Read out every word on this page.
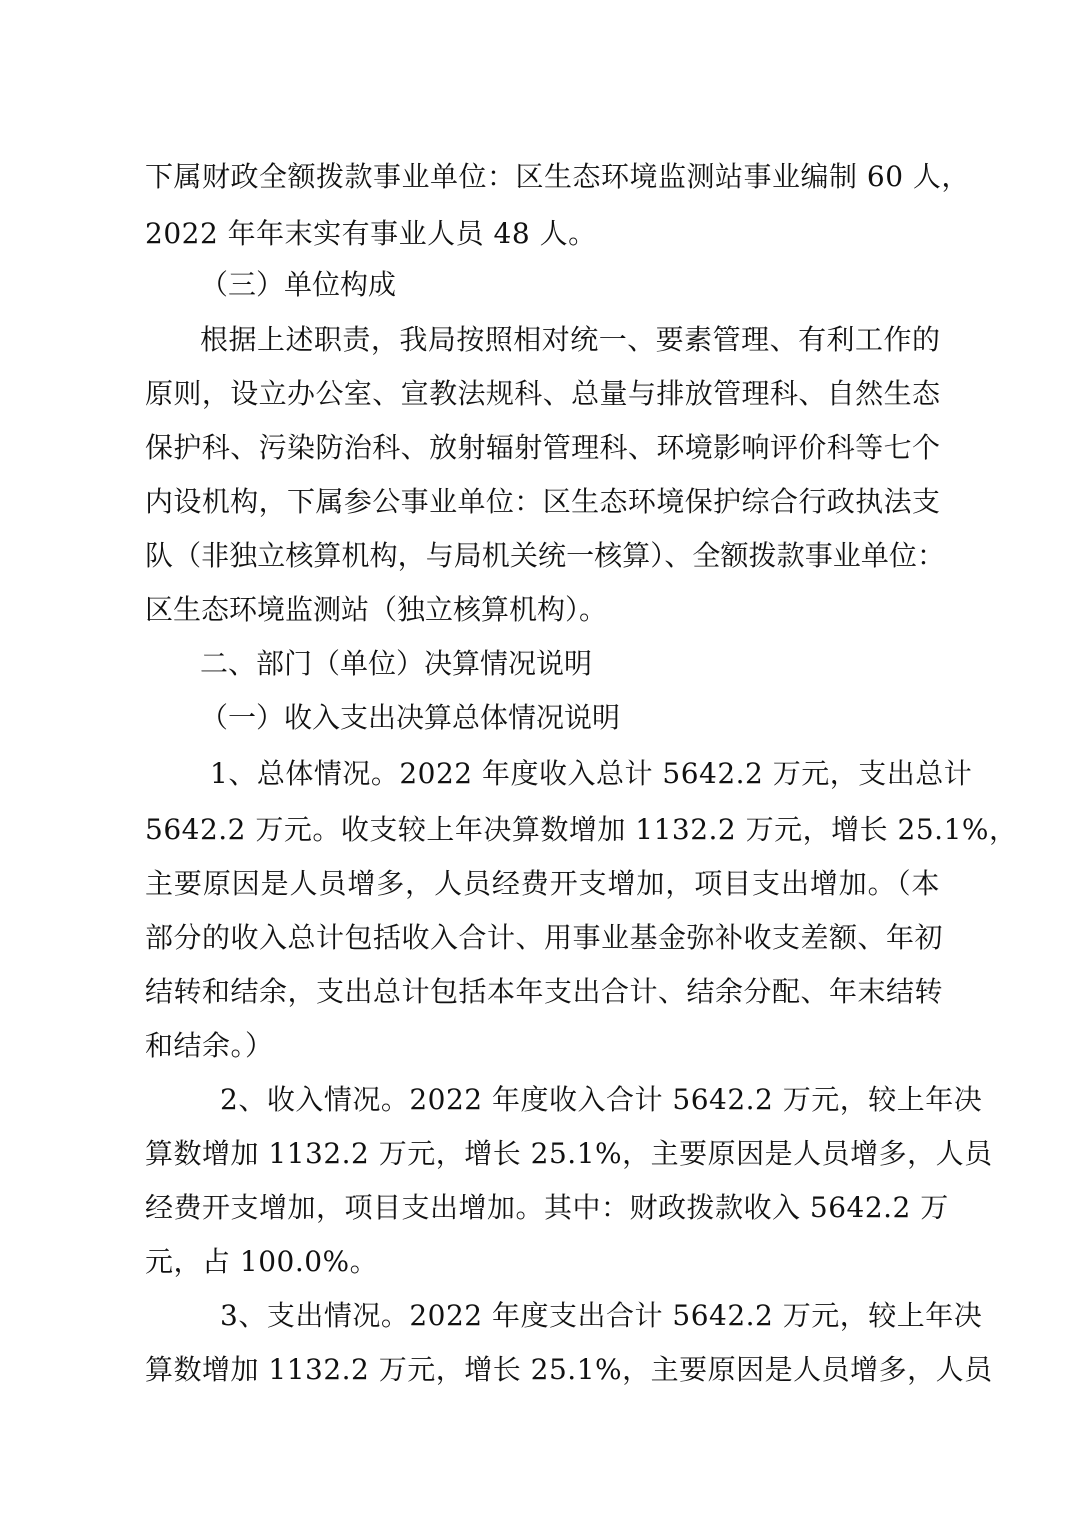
下属财政全额拨款事业单位：区生态环境监测站事业编制 60 人，
2022 年年末实有事业人员 48 人。
（三）单位构成
根据上述职责，我局按照相对统一、要素管理、有利工作的
原则，设立办公室、宣教法规科、总量与排放管理科、自然生态
保护科、污染防治科、放射辐射管理科、环境影响评价科等七个
内设机构，下属参公事业单位：区生态环境保护综合行政执法支
队（非独立核算机构，与局机关统一核算）、全额拨款事业单位：
区生态环境监测站（独立核算机构）。
二、部门（单位）决算情况说明
（一）收入支出决算总体情况说明
1、总体情况。2022 年度收入总计 5642.2 万元，支出总计
5642.2 万元。收支较上年决算数增加 1132.2 万元，增长 25.1%，
主要原因是人员增多，人员经费开支增加，项目支出增加。（本
部分的收入总计包括收入合计、用事业基金弥补收支差额、年初
结转和结余，支出总计包括本年支出合计、结余分配、年末结转
和结余。）
2、收入情况。2022 年度收入合计 5642.2 万元，较上年决
算数增加 1132.2 万元，增长 25.1%，主要原因是人员增多，人员
经费开支增加，项目支出增加。其中：财政拨款收入 5642.2 万
元，占 100.0%。
3、支出情况。2022 年度支出合计 5642.2 万元，较上年决
算数增加 1132.2 万元，增长 25.1%，主要原因是人员增多，人员
